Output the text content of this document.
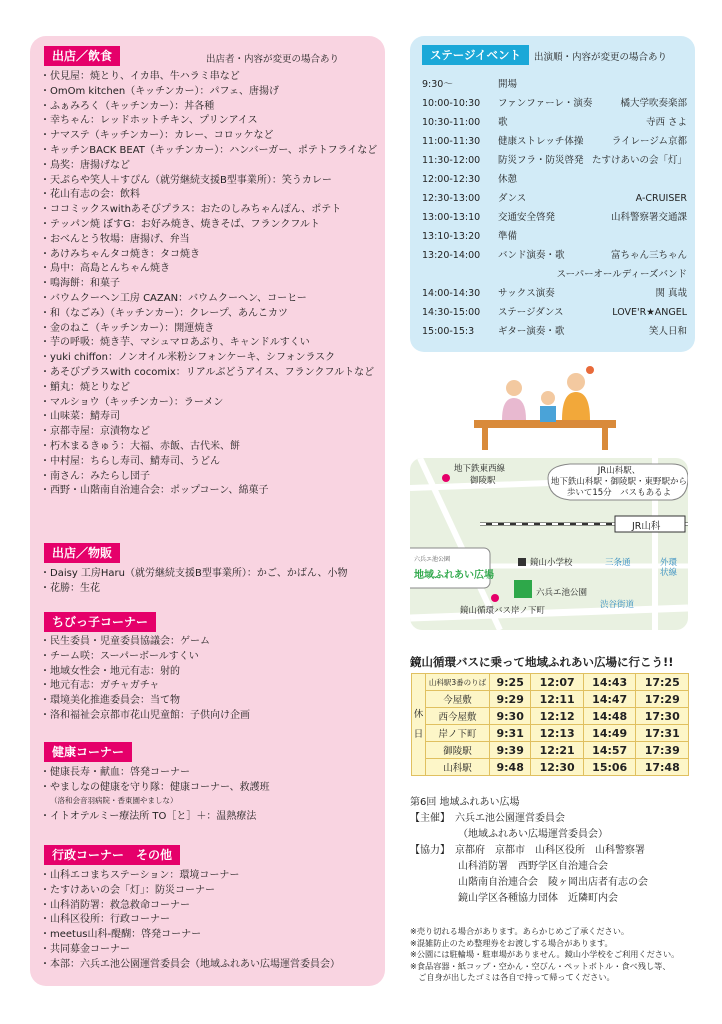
出店／飲食	出店者・内容が変更の場合あり
・ 伏見屋：焼とり、イカ串、牛ハラミ串など
・ OmOm kitchen（キッチンカー）：パフェ、唐揚げ
・ ふぁみろく（キッチンカー）：丼各種
・ 幸ちゃん：レッドホットチキン、プリンアイス
・ ナマステ（キッチンカー）：カレー、コロッケなど
・ キッチンBACK BEAT（キッチンカー）：ハンバーガー、ポテトフライなど
・ 鳥奖：唐揚げなど
・ 天ぷらや笑人＋すぴん（就労継続支援B型事業所）：笑うカレー
・ 花山有志の会：飲料
・ ココミックスwithあそびプラス：おたのしみちゃんぽん、ポテト
・ テッパン焼 ぼすG：お好み焼き、焼きそば、フランクフルト
・ おべんとう牧場：唐揚げ、弁当
・ あけみちゃんタコ焼き：タコ焼き
・ 鳥中：高島とんちゃん焼き
・ 鳴海餅：和菓子
・ バウムクーヘン工房 CAZAN：バウムクーヘン、コーヒー
・ 和（なごみ）（キッチンカー）：クレープ、あんこカツ
・ 金のねこ（キッチンカー）：開運焼き
・ 芋の呼吸：焼き芋、マシュマロあぶり、キャンドルすくい
・ yuki chiffon：ノンオイル米粉シフォンケーキ、シフォンラスク
・ あそびプラスwith cocomix：リアルぶどうアイス、フランクフルトなど
・ 鮹丸：焼とりなど
・ マルショウ（キッチンカー）：ラーメン
・ 山味菜：鯖寿司
・ 京都寺屋：京漬物など
・ 朽木まるきゅう：大福、赤飯、古代米、餅
・ 中村屋：ちらし寿司、鯖寿司、うどん
・ 南さん：みたらし団子
・ 西野・山階南自治連合会：ポップコーン、綿菓子
出店／物販
・ Daisy 工房Haru（就労継続支援B型事業所）：かご、かばん、小物
・ 花勝：生花
ちびっ子コーナー
・ 民生委員・児童委員協議会：ゲーム
・ チーム咲：スーパーボールすくい
・ 地域女性会・地元有志：射的
・ 地元有志：ガチャガチャ
・ 環境美化推進委員会：当て物
・ 洛和福祉会京都市花山児童館：子供向け企画
健康コーナー
・ 健康長寿・献血：啓発コーナー
・ やましなの健康を守り隊：健康コーナー、救護班
（洛和会音羽病院・香東園やましな）
・ イトオテルミー療法所 TO［と］＋：温熱療法
行政コーナー　その他
・ 山科エコまちステーション：環境コーナー
・ たすけあいの会「灯」：防災コーナー
・ 山科消防署：救急救命コーナー
・ 山科区役所：行政コーナー
・ meetus山科-醍醐：啓発コーナー
・ 共同募金コーナー
・ 本部：六兵エ池公園運営委員会（地域ふれあい広場運営委員会）
ステージイベント	出演順・内容が変更の場合あり
9:30～	開場
10:00-10:30	ファンファーレ・演奏	橘大学吹奏楽部
10:30-11:00	歌	寺西 さよ
11:00-11:30	健康ストレッチ体操	ライレージム京都
11:30-12:00	防災フラ・防災啓発 たすけあいの会「灯」
12:00-12:30	休憩
12:30-13:00	ダンス	A-CRUISER
13:00-13:10	交通安全啓発	山科警察署交通課
13:10-13:20	準備
13:20-14:00	バンド演奏・歌	富ちゃん三ちゃん
スーパーオールディーズバンド
14:00-14:30	サックス演奏	関 真哉
14:30-15:00	ステージダンス	LOVE'R★ANGEL
15:00-15:3	ギター演奏・歌	笑人日和
地下鉄東西線
御陵駅
JR山科駅、
地下鉄山科駅・御陵駅・東野駅から
歩いて15分　バスもあるよ
JR山科
鏡山小学校
六兵エ池公園
三条通	外環
状線
鏡山循環バス岸ノ下町
渋谷街道
六兵エ池公園
地域ふれあい広場
鏡山循環バスに乗って地域ふれあい広場に行こう!!
休日	山科駅3番のりば	9:25	12:07	14:43	17:25
	今屋敷	9:29	12:11	14:47	17:29
	西今屋敷	9:30	12:12	14:48	17:30
	岸ノ下町	9:31	12:13	14:49	17:31
	御陵駅	9:39	12:21	14:57	17:39
	山科駅	9:48	12:30	15:06	17:48
第6回 地域ふれあい広場
【主催】　 六兵エ池公園運営委員会
（地域ふれあい広場運営委員会）
【協力】　 京都府　京都市　山科区役所　山科警察署
山科消防署　西野学区自治連合会
山階南自治連合会　陵ヶ岡出店者有志の会
鏡山学区各種協力団体　近隣町内会
※売り切れる場合があります。あらかじめご了承ください。
※混雑防止のため整理券をお渡しする場合があります。
※公園には駐輪場・駐車場がありません。鏡山小学校をご利用ください。
※食品容器・紙コップ・空かん・空びん・ペットボトル・食べ残し等、
　ご自身が出したゴミは各自で持って帰ってください。
